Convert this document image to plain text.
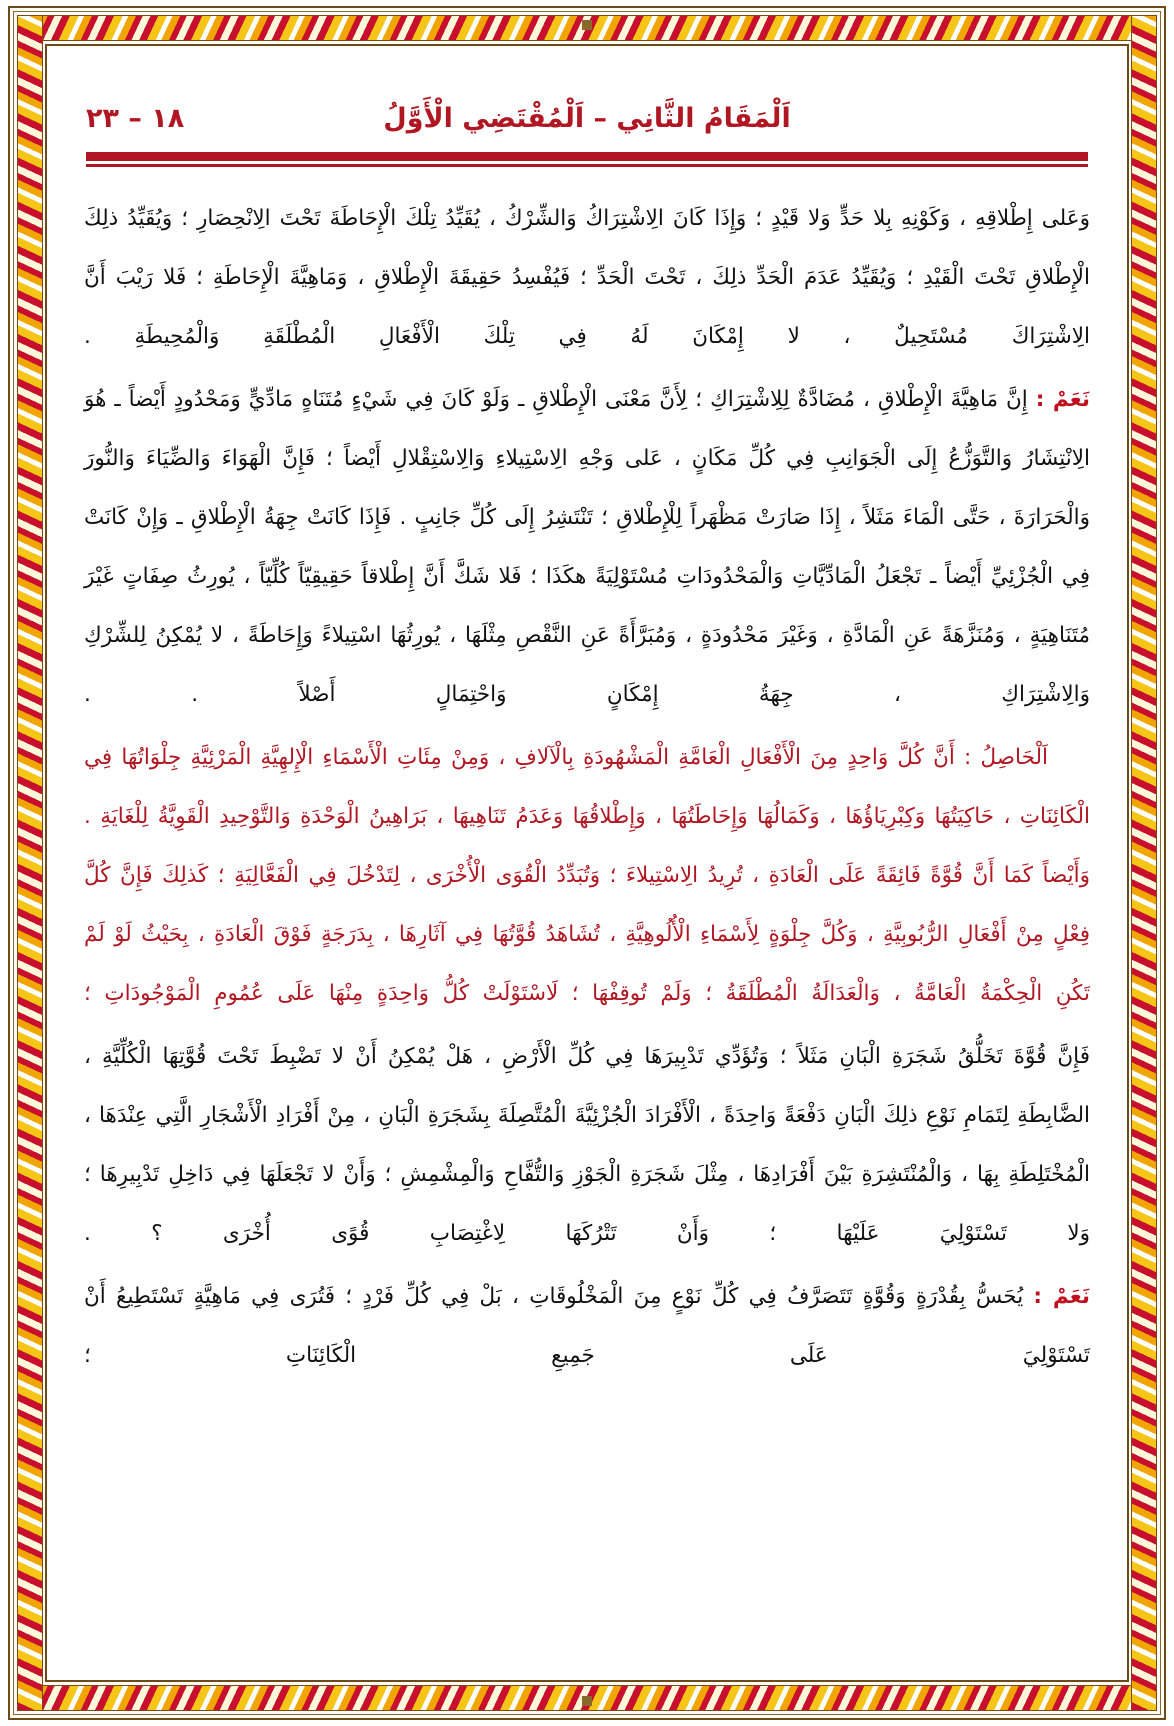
١٨ – ٢٣	اَلْمَقَامُ الثَّانِي – اَلْمُقْتَضِي الْأَوَّلُ

وَعَلى إِطْلاقِهِ ، وَكَوْنِهِ بِلا حَدٍّ وَلا قَيْدٍ ؛ وَإِذَا كَانَ الِاشْتِرَاكُ وَالشِّرْكُ ، يُقَيِّدُ تِلْكَ الْإِحَاطَةَ تَحْتَ الِانْحِصَارِ ؛ وَيُقَيِّدُ ذلِكَ الْإِطْلاقِ تَحْتَ الْقَيْدِ ؛ وَيُقَيِّدُ عَدَمَ الْحَدِّ ذلِكَ ، تَحْتَ الْحَدِّ ؛ فَيُفْسِدُ حَقِيقَةَ الْإِطْلاقِ ، وَمَاهِيَّةَ الْإِحَاطَةِ ؛ فَلا رَيْبَ أَنَّ الِاشْتِرَاكَ مُسْتَحِيلٌ ، لا إِمْكَانَ لَهُ فِي تِلْكَ الْأَفْعَالِ الْمُطْلَقَةِ وَالْمُحِيطَةِ .

نَعَمْ : إِنَّ مَاهِيَّةَ الْإِطْلاقِ ، مُضَادَّةٌ لِلِاشْتِرَاكِ ؛ لِأَنَّ مَعْنَى الْإِطْلاقِ ـ وَلَوْ كَانَ فِي شَيْءٍ مُتَنَاهٍ مَادِّيٍّ وَمَحْدُودٍ أَيْضاً ـ هُوَ الِانْتِشَارُ وَالتَّوَزُّعُ إِلَى الْجَوَانِبِ فِي كُلِّ مَكَانٍ ، عَلى وَجْهِ الِاسْتِيلاءِ وَالِاسْتِقْلالِ أَيْضاً ؛ فَإِنَّ الْهَوَاءَ وَالضِّيَاءَ وَالنُّورَ وَالْحَرَارَةَ ، حَتَّى الْمَاءَ مَثَلاً ، إِذَا صَارَتْ مَظْهَراً لِلْإِطْلاقِ ؛ تَنْتَشِرُ إِلَى كُلِّ جَانِبٍ . فَإِذَا كَانَتْ جِهَةُ الْإِطْلاقِ ـ وَإِنْ كَانَتْ فِي الْجُزْئِيِّ أَيْضاً ـ تَجْعَلُ الْمَادِّيَّاتِ وَالْمَحْدُودَاتِ مُسْتَوْلِيَةً هكَذَا ؛ فَلا شَكَّ أَنَّ إِطْلاقاً حَقِيقِيّاً كُلِّيّاً ، يُورِثُ صِفَاتٍ غَيْرَ مُتَنَاهِيَةٍ ، وَمُنَزَّهَةً عَنِ الْمَادَّةِ ، وَغَيْرَ مَحْدُودَةٍ ، وَمُبَرَّأَةً عَنِ النَّقْصِ مِثْلَهَا ، يُورِثُهَا اسْتِيلاءً وَإِحَاطَةً ، لا يُمْكِنُ لِلشِّرْكِ وَالِاشْتِرَاكِ ، جِهَةُ إِمْكَانٍ وَاحْتِمَالٍ أَصْلاً . .

اَلْحَاصِلُ : أَنَّ كُلَّ وَاحِدٍ مِنَ الْأَفْعَالِ الْعَامَّةِ الْمَشْهُودَةِ بِالْآلافِ ، وَمِنْ مِئَاتِ الْأَسْمَاءِ الْإِلهِيَّةِ الْمَرْئِيَّةِ جِلْوَاتُهَا فِي الْكَائِنَاتِ ، حَاكِيَتُهَا وَكِبْرِيَاؤُهَا ، وَكَمَالُهَا وَإِحَاطَتُهَا ، وَإِطْلاقُهَا وَعَدَمُ تَنَاهِيهَا ، بَرَاهِينُ الْوَحْدَةِ وَالتَّوْحِيدِ الْقَوِيَّةُ لِلْغَايَةِ . وَأَيْضاً كَمَا أَنَّ قُوَّةً فَائِقَةً عَلَى الْعَادَةِ ، تُرِيدُ الِاسْتِيلاءَ ؛ وَتُبَدِّدُ الْقُوَى الْأُخْرَى ، لِتَدْخُلَ فِي الْفَعَّالِيَةِ ؛ كَذلِكَ فَإِنَّ كُلَّ فِعْلٍ مِنْ أَفْعَالِ الرُّبُوبِيَّةِ ، وَكُلَّ جِلْوَةٍ لِأَسْمَاءِ الْأُلُوهِيَّةِ ، تُشَاهَدُ قُوَّتُهَا فِي آثَارِهَا ، بِدَرَجَةٍ فَوْقَ الْعَادَةِ ، بِحَيْثُ لَوْ لَمْ تَكُنِ الْحِكْمَةُ الْعَامَّةُ ، وَالْعَدَالَةُ الْمُطْلَقَةُ ؛ وَلَمْ تُوقِفْهَا ؛ لَاسْتَوْلَتْ كُلُّ وَاحِدَةٍ مِنْهَا عَلَى عُمُومِ الْمَوْجُودَاتِ ؛

فَإِنَّ قُوَّةَ تَخَلُّقُ شَجَرَةِ الْبَانِ مَثَلاً ؛ وَتُؤَدِّي تَدْبِيرَهَا فِي كُلِّ الْأَرْضِ ، هَلْ يُمْكِنُ أَنْ لا تَضْبِطَ تَحْتَ قُوَّتِهَا الْكُلِّيَّةِ ، الضَّابِطَةِ لِتَمَامِ نَوْعِ ذلِكَ الْبَانِ دَفْعَةً وَاحِدَةً ، الْأَفْرَادَ الْجُزْئِيَّةَ الْمُتَّصِلَةَ بِشَجَرَةِ الْبَانِ ، مِنْ أَفْرَادِ الْأَشْجَارِ الَّتِي عِنْدَهَا ، الْمُخْتَلِطَةِ بِهَا ، وَالْمُنْتَشِرَةِ بَيْنَ أَفْرَادِهَا ، مِثْلَ شَجَرَةِ الْجَوْزِ وَالتُّفَّاحِ وَالْمِشْمِشِ ؛ وَأَنْ لا تَجْعَلَهَا فِي دَاخِلِ تَدْبِيرِهَا ؛ وَلا تَسْتَوْلِيَ عَلَيْهَا ؛ وَأَنْ تَتْرُكَهَا لِاغْتِصَابِ قُوًى أُخْرَى ؟ .

نَعَمْ : يُحَسُّ بِقُدْرَةٍ وَقُوَّةٍ تَتَصَرَّفُ فِي كُلِّ نَوْعٍ مِنَ الْمَخْلُوقَاتِ ، بَلْ فِي كُلِّ فَرْدٍ ؛ فَتُرَى فِي مَاهِيَّةٍ تَسْتَطِيعُ أَنْ تَسْتَوْلِيَ عَلَى جَمِيعِ الْكَائِنَاتِ ؛
